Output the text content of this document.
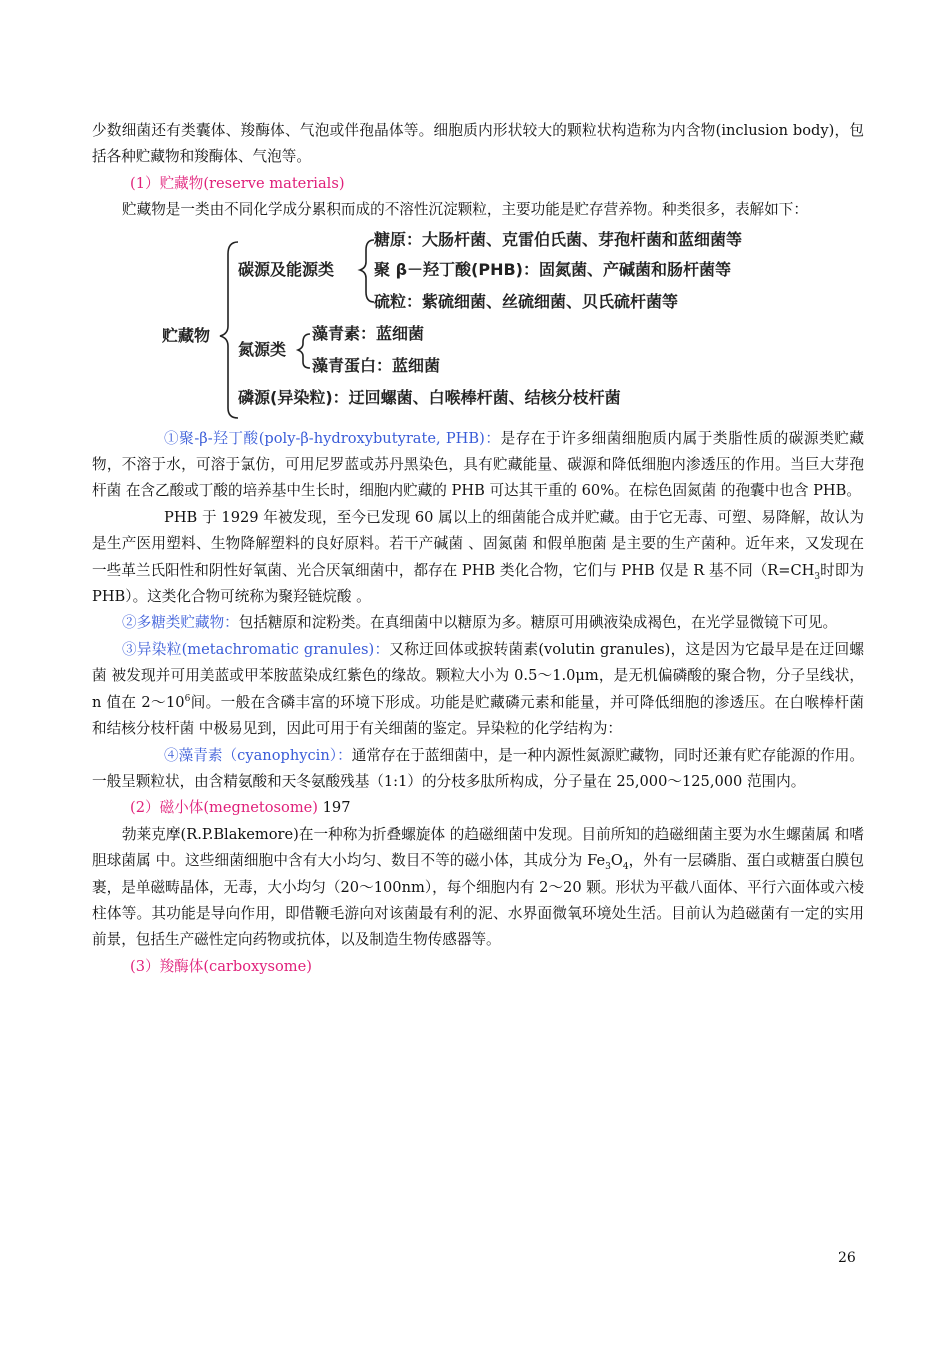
少数细菌还有类囊体、羧酶体、气泡或伴孢晶体等。细胞质内形状较大的颗粒状构造称为内含物(inclusion body)，包括各种贮藏物和羧酶体、气泡等。

(1）贮藏物(reserve materials)

贮藏物是一类由不同化学成分累积而成的不溶性沉淀颗粒，主要功能是贮存营养物。种类很多，表解如下：

贮藏物
碳源及能源类
糖原：大肠杆菌、克雷伯氏菌、芽孢杆菌和蓝细菌等
聚 β－羟丁酸(PHB)：固氮菌、产碱菌和肠杆菌等
硫粒：紫硫细菌、丝硫细菌、贝氏硫杆菌等
氮源类
藻青素：蓝细菌
藻青蛋白：蓝细菌
磷源(异染粒)：迂回螺菌、白喉棒杆菌、结核分枝杆菌

①聚-β-羟丁酸(poly-β-hydroxybutyrate, PHB)：是存在于许多细菌细胞质内属于类脂性质的碳源类贮藏物，不溶于水，可溶于氯仿，可用尼罗蓝或苏丹黑染色，具有贮藏能量、碳源和降低细胞内渗透压的作用。当巨大芽孢杆菌 在含乙酸或丁酸的培养基中生长时，细胞内贮藏的 PHB 可达其干重的 60%。在棕色固氮菌 的孢囊中也含 PHB。

PHB 于 1929 年被发现，至今已发现 60 属以上的细菌能合成并贮藏。由于它无毒、可塑、易降解，故认为是生产医用塑料、生物降解塑料的良好原料。若干产碱菌 、固氮菌 和假单胞菌 是主要的生产菌种。近年来，又发现在一些革兰氏阳性和阴性好氧菌、光合厌氧细菌中，都存在 PHB 类化合物，它们与 PHB 仅是 R 基不同（$R=CH_3$时即为 PHB）。这类化合物可统称为聚羟链烷酸 。

②多糖类贮藏物：包括糖原和淀粉类。在真细菌中以糖原为多。糖原可用碘液染成褐色，在光学显微镜下可见。

③异染粒(metachromatic granules)：又称迂回体或捩转菌素(volutin granules)，这是因为它最早是在迂回螺菌 被发现并可用美蓝或甲苯胺蓝染成红紫色的缘故。颗粒大小为 0.5～1.0μm，是无机偏磷酸的聚合物，分子呈线状，n 值在 $2\sim 10^6$间。一般在含磷丰富的环境下形成。功能是贮藏磷元素和能量，并可降低细胞的渗透压。在白喉棒杆菌 和结核分枝杆菌 中极易见到，因此可用于有关细菌的鉴定。异染粒的化学结构为：

④藻青素（cyanophycin）：通常存在于蓝细菌中，是一种内源性氮源贮藏物，同时还兼有贮存能源的作用。一般呈颗粒状，由含精氨酸和天冬氨酸残基（1:1）的分枝多肽所构成，分子量在 25,000～125,000 范围内。

(2）磁小体(megnetosome) 197

勃莱克摩(R.P.Blakemore)在一种称为折叠螺旋体 的趋磁细菌中发现。目前所知的趋磁细菌主要为水生螺菌属 和嗜胆球菌属 中。这些细菌细胞中含有大小均匀、数目不等的磁小体，其成分为 $Fe_3O_4$，外有一层磷脂、蛋白或糖蛋白膜包裹，是单磁畴晶体，无毒，大小均匀（20～100nm），每个细胞内有 2～20 颗。形状为平截八面体、平行六面体或六棱柱体等。其功能是导向作用，即借鞭毛游向对该菌最有利的泥、水界面微氧环境处生活。目前认为趋磁菌有一定的实用前景，包括生产磁性定向药物或抗体，以及制造生物传感器等。

(3）羧酶体(carboxysome)

26
